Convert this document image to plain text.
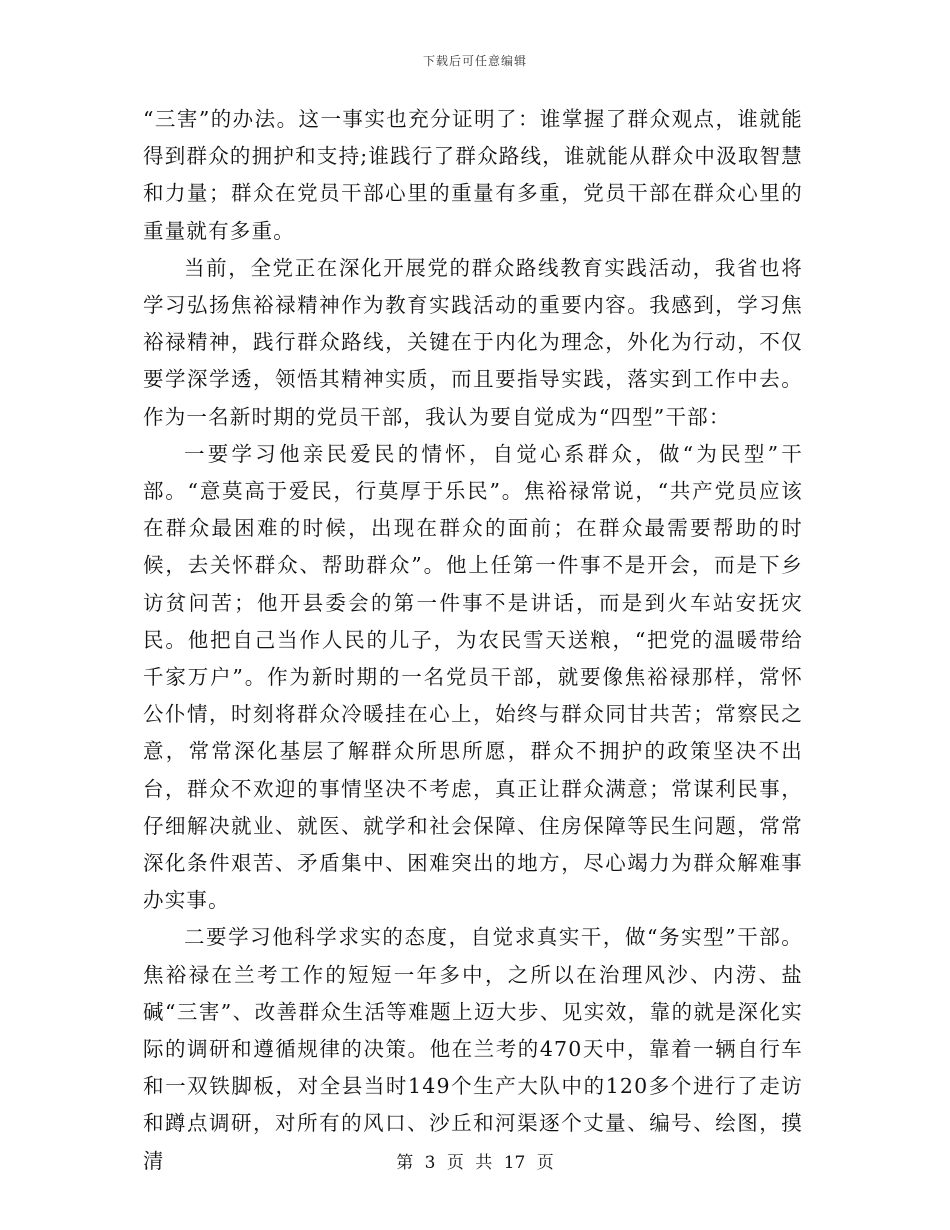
下载后可任意编辑

“三害”的办法。这一事实也充分证明了：谁掌握了群众观点，谁就能得到群众的拥护和支持;谁践行了群众路线，谁就能从群众中汲取智慧和力量；群众在党员干部心里的重量有多重，党员干部在群众心里的重量就有多重。

当前，全党正在深化开展党的群众路线教育实践活动，我省也将学习弘扬焦裕禄精神作为教育实践活动的重要内容。我感到，学习焦裕禄精神，践行群众路线，关键在于内化为理念，外化为行动，不仅要学深学透，领悟其精神实质，而且要指导实践，落实到工作中去。作为一名新时期的党员干部，我认为要自觉成为“四型”干部：

一要学习他亲民爱民的情怀，自觉心系群众，做“为民型”干部。“意莫高于爱民，行莫厚于乐民”。焦裕禄常说，“共产党员应该在群众最困难的时候，出现在群众的面前；在群众最需要帮助的时候，去关怀群众、帮助群众”。他上任第一件事不是开会，而是下乡访贫问苦；他开县委会的第一件事不是讲话，而是到火车站安抚灾民。他把自己当作人民的儿子，为农民雪天送粮，“把党的温暖带给千家万户”。作为新时期的一名党员干部，就要像焦裕禄那样，常怀公仆情，时刻将群众冷暖挂在心上，始终与群众同甘共苦；常察民之意，常常深化基层了解群众所思所愿，群众不拥护的政策坚决不出台，群众不欢迎的事情坚决不考虑，真正让群众满意；常谋利民事，仔细解决就业、就医、就学和社会保障、住房保障等民生问题，常常深化条件艰苦、矛盾集中、困难突出的地方，尽心竭力为群众解难事办实事。

二要学习他科学求实的态度，自觉求真实干，做“务实型”干部。焦裕禄在兰考工作的短短一年多中，之所以在治理风沙、内涝、盐碱“三害”、改善群众生活等难题上迈大步、见实效，靠的就是深化实际的调研和遵循规律的决策。他在兰考的470天中，靠着一辆自行车和一双铁脚板，对全县当时149个生产大队中的120多个进行了走访和蹲点调研，对所有的风口、沙丘和河渠逐个丈量、编号、绘图，摸清	第 3 页 共 17 页
